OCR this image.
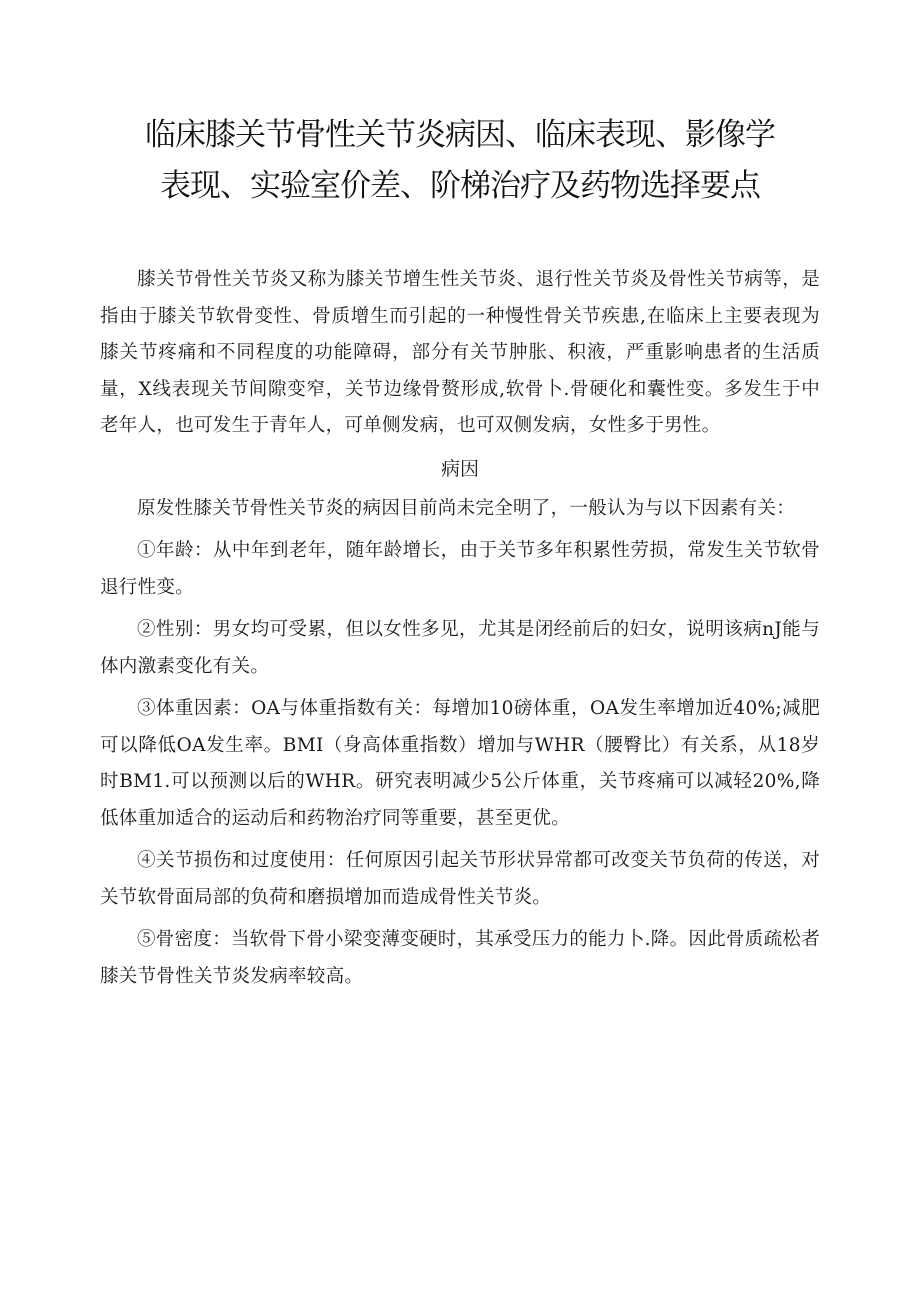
临床膝关节骨性关节炎病因、临床表现、影像学
表现、实验室价差、阶梯治疗及药物选择要点

膝关节骨性关节炎又称为膝关节增生性关节炎、退行性关节炎及骨性关节病等，是指由于膝关节软骨变性、骨质增生而引起的一种慢性骨关节疾患,在临床上主要表现为膝关节疼痛和不同程度的功能障碍，部分有关节肿胀、积液，严重影响患者的生活质量，X线表现关节间隙变窄，关节边缘骨赘形成,软骨卜.骨硬化和囊性变。多发生于中老年人，也可发生于青年人，可单侧发病，也可双侧发病，女性多于男性。

病因

原发性膝关节骨性关节炎的病因目前尚未完全明了，一般认为与以下因素有关：

①年龄：从中年到老年，随年龄增长，由于关节多年积累性劳损，常发生关节软骨退行性变。

②性别：男女均可受累，但以女性多见，尤其是闭经前后的妇女，说明该病nJ能与体内激素变化有关。

③体重因素：OA与体重指数有关：每增加10磅体重，OA发生率增加近40%;减肥可以降低OA发生率。BMI（身高体重指数）增加与WHR（腰臀比）有关系，从18岁时BM1.可以预测以后的WHR。研究表明减少5公斤体重，关节疼痛可以减轻20%,降低体重加适合的运动后和药物治疗同等重要，甚至更优。

④关节损伤和过度使用：任何原因引起关节形状异常都可改变关节负荷的传送，对关节软骨面局部的负荷和磨损增加而造成骨性关节炎。

⑤骨密度：当软骨下骨小梁变薄变硬时，其承受压力的能力卜.降。因此骨质疏松者膝关节骨性关节炎发病率较高。
